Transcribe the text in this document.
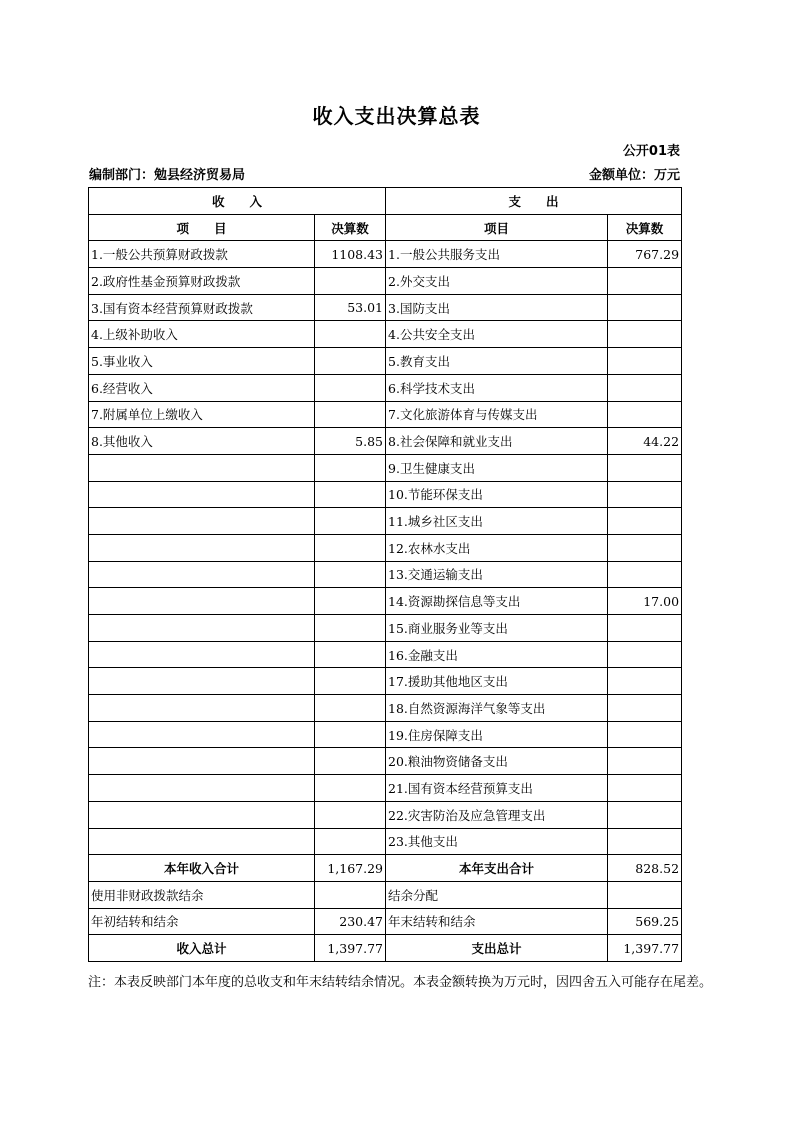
收入支出决算总表
公开01表
编制部门：勉县经济贸易局	金额单位：万元
收　　入		支　　出	
项　　目	决算数	项目	决算数
1.一般公共预算财政拨款	1108.43	1.一般公共服务支出	767.29
2.政府性基金预算财政拨款		2.外交支出	
3.国有资本经营预算财政拨款	53.01	3.国防支出	
4.上级补助收入		4.公共安全支出	
5.事业收入		5.教育支出	
6.经营收入		6.科学技术支出	
7.附属单位上缴收入		7.文化旅游体育与传媒支出	
8.其他收入	5.85	8.社会保障和就业支出	44.22
		9.卫生健康支出	
		10.节能环保支出	
		11.城乡社区支出	
		12.农林水支出	
		13.交通运输支出	
		14.资源勘探信息等支出	17.00
		15.商业服务业等支出	
		16.金融支出	
		17.援助其他地区支出	
		18.自然资源海洋气象等支出	
		19.住房保障支出	
		20.粮油物资储备支出	
		21.国有资本经营预算支出	
		22.灾害防治及应急管理支出	
		23.其他支出	
本年收入合计	1,167.29	本年支出合计	828.52
使用非财政拨款结余		结余分配	
年初结转和结余	230.47	年末结转和结余	569.25
收入总计	1,397.77	支出总计	1,397.77
注：本表反映部门本年度的总收支和年末结转结余情况。本表金额转换为万元时，因四舍五入可能存在尾差。
